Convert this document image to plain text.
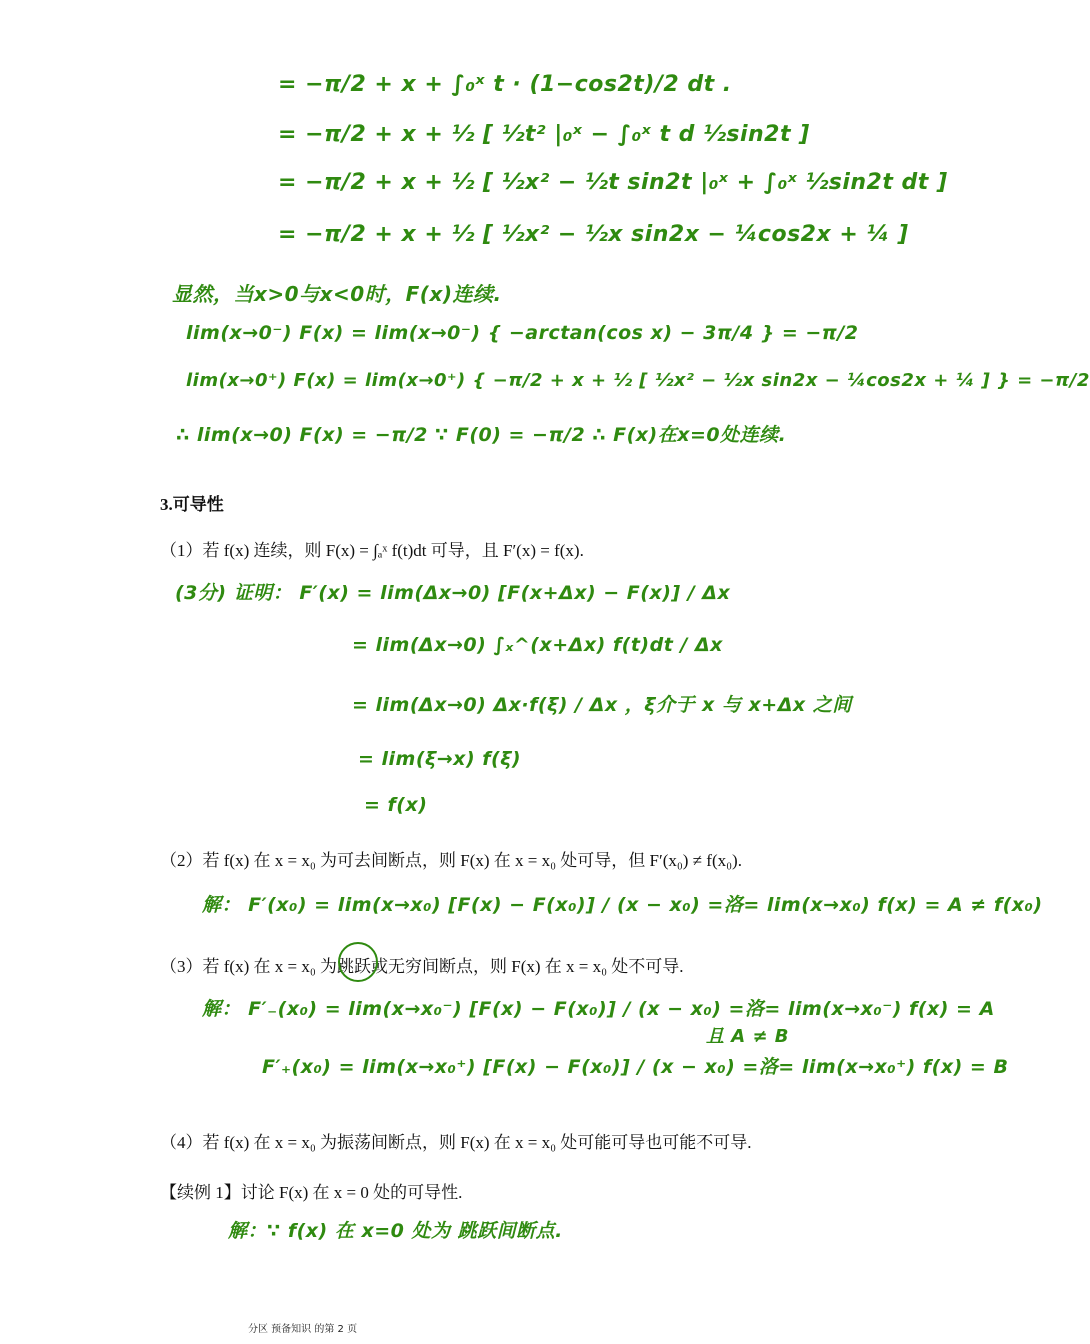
= −π/2 + x + ∫₀ˣ t · (1−cos2t)/2 dt .
= −π/2 + x + ½ [ ½t² |₀ˣ − ∫₀ˣ t d ½sin2t ]
= −π/2 + x + ½ [ ½x² − ½t sin2t |₀ˣ + ∫₀ˣ ½sin2t dt ]
= −π/2 + x + ½ [ ½x² − ½x sin2x − ¼cos2x + ¼ ]
显然，当x>0与x<0时，F(x)连续.
lim(x→0⁻) F(x) = lim(x→0⁻) { −arctan(cos x) − 3π/4 } = −π/2
lim(x→0⁺) F(x) = lim(x→0⁺) { −π/2 + x + ½ [ ½x² − ½x sin2x − ¼cos2x + ¼ ] } = −π/2
∴ lim(x→0) F(x) = −π/2 ∵ F(0) = −π/2 ∴ F(x)在x=0处连续.
3.可导性
（1）若 f(x) 连续，则 F(x) = ∫ₐˣ f(t)dt 可导，且 F′(x) = f(x).
(3分) 证明： F′(x) = lim(Δx→0) [F(x+Δx) − F(x)] / Δx
= lim(Δx→0) ∫ₓ^(x+Δx) f(t)dt / Δx
= lim(Δx→0) Δx·f(ξ) / Δx ，ξ介于 x 与 x+Δx 之间
= lim(ξ→x) f(ξ)
= f(x)
（2）若 f(x) 在 x = x₀ 为可去间断点，则 F(x) 在 x = x₀ 处可导，但 F′(x₀) ≠ f(x₀).
解： F′(x₀) = lim(x→x₀) [F(x) − F(x₀)] / (x − x₀) =洛= lim(x→x₀) f(x) = A ≠ f(x₀)
（3）若 f(x) 在 x = x₀ 为跳跃或无穷间断点，则 F(x) 在 x = x₀ 处不可导.
解： F′₋(x₀) = lim(x→x₀⁻) [F(x) − F(x₀)] / (x − x₀) =洛= lim(x→x₀⁻) f(x) = A
且 A ≠ B
F′₊(x₀) = lim(x→x₀⁺) [F(x) − F(x₀)] / (x − x₀) =洛= lim(x→x₀⁺) f(x) = B
（4）若 f(x) 在 x = x₀ 为振荡间断点，则 F(x) 在 x = x₀ 处可能可导也可能不可导.
【续例 1】讨论 F(x) 在 x = 0 处的可导性.
解：∵ f(x) 在 x=0 处为 跳跃间断点.
分区 预备知识 的第 2 页
